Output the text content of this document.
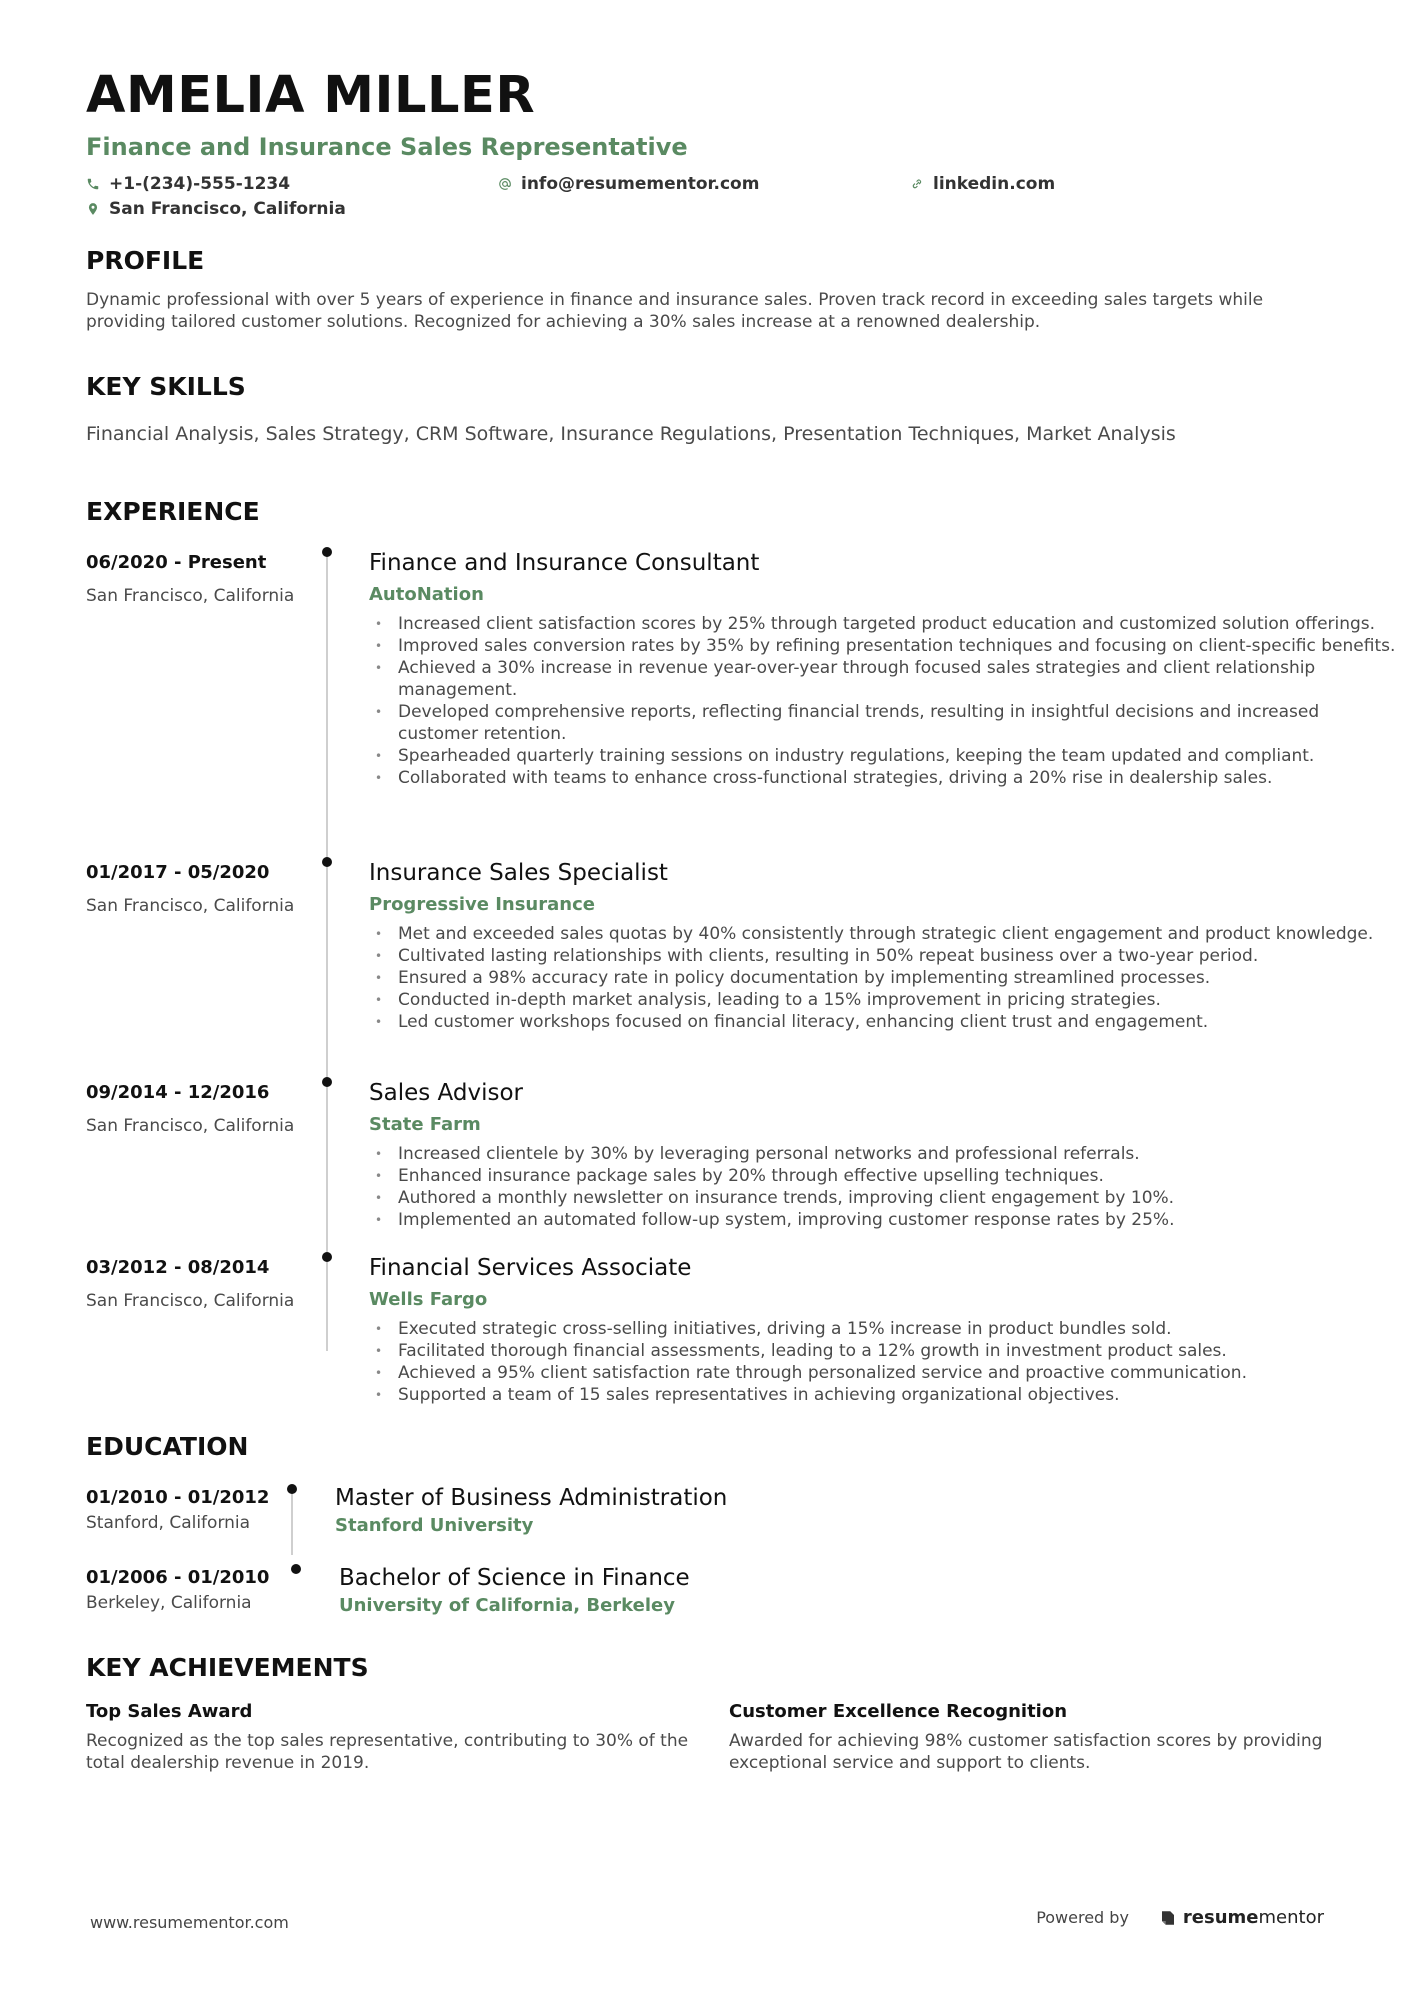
AMELIA MILLER
Finance and Insurance Sales Representative
+1-(234)-555-1234	info@resumementor.com	linkedin.com
San Francisco, California
PROFILE
Dynamic professional with over 5 years of experience in finance and insurance sales. Proven track record in exceeding sales targets while providing tailored customer solutions. Recognized for achieving a 30% sales increase at a renowned dealership.
KEY SKILLS
Financial Analysis, Sales Strategy, CRM Software, Insurance Regulations, Presentation Techniques, Market Analysis
EXPERIENCE
06/2020 - Present
San Francisco, California
Finance and Insurance Consultant
AutoNation
• Increased client satisfaction scores by 25% through targeted product education and customized solution offerings.
• Improved sales conversion rates by 35% by refining presentation techniques and focusing on client-specific benefits.
• Achieved a 30% increase in revenue year-over-year through focused sales strategies and client relationship management.
• Developed comprehensive reports, reflecting financial trends, resulting in insightful decisions and increased customer retention.
• Spearheaded quarterly training sessions on industry regulations, keeping the team updated and compliant.
• Collaborated with teams to enhance cross-functional strategies, driving a 20% rise in dealership sales.
01/2017 - 05/2020
San Francisco, California
Insurance Sales Specialist
Progressive Insurance
• Met and exceeded sales quotas by 40% consistently through strategic client engagement and product knowledge.
• Cultivated lasting relationships with clients, resulting in 50% repeat business over a two-year period.
• Ensured a 98% accuracy rate in policy documentation by implementing streamlined processes.
• Conducted in-depth market analysis, leading to a 15% improvement in pricing strategies.
• Led customer workshops focused on financial literacy, enhancing client trust and engagement.
09/2014 - 12/2016
San Francisco, California
Sales Advisor
State Farm
• Increased clientele by 30% by leveraging personal networks and professional referrals.
• Enhanced insurance package sales by 20% through effective upselling techniques.
• Authored a monthly newsletter on insurance trends, improving client engagement by 10%.
• Implemented an automated follow-up system, improving customer response rates by 25%.
03/2012 - 08/2014
San Francisco, California
Financial Services Associate
Wells Fargo
• Executed strategic cross-selling initiatives, driving a 15% increase in product bundles sold.
• Facilitated thorough financial assessments, leading to a 12% growth in investment product sales.
• Achieved a 95% client satisfaction rate through personalized service and proactive communication.
• Supported a team of 15 sales representatives in achieving organizational objectives.
EDUCATION
01/2010 - 01/2012
Stanford, California
Master of Business Administration
Stanford University
01/2006 - 01/2010
Berkeley, California
Bachelor of Science in Finance
University of California, Berkeley
KEY ACHIEVEMENTS
Top Sales Award
Recognized as the top sales representative, contributing to 30% of the total dealership revenue in 2019.
Customer Excellence Recognition
Awarded for achieving 98% customer satisfaction scores by providing exceptional service and support to clients.
www.resumementor.com	Powered by	resume mentor
